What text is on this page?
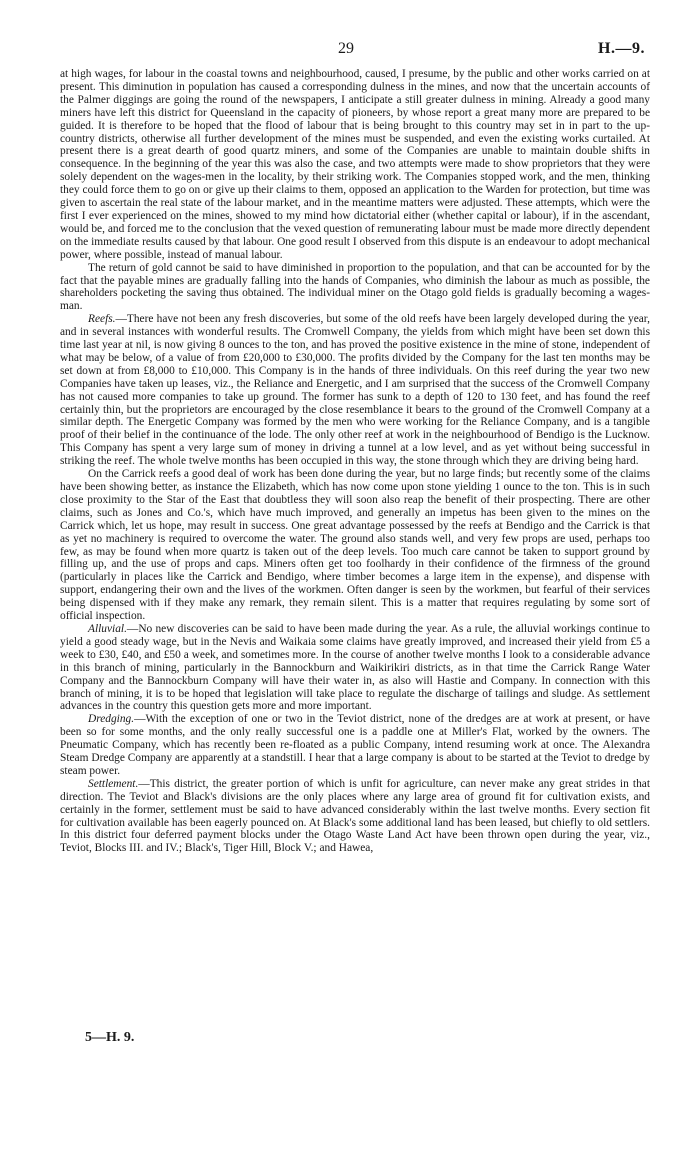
29	H.—9.

at high wages, for labour in the coastal towns and neighbourhood, caused, I presume, by the public and other works carried on at present. This diminution in population has caused a corresponding dulness in the mines, and now that the uncertain accounts of the Palmer diggings are going the round of the newspapers, I anticipate a still greater dulness in mining. Already a good many miners have left this district for Queensland in the capacity of pioneers, by whose report a great many more are prepared to be guided. It is therefore to be hoped that the flood of labour that is being brought to this country may set in in part to the up-country districts, otherwise all further development of the mines must be suspended, and even the existing works curtailed. At present there is a great dearth of good quartz miners, and some of the Companies are unable to maintain double shifts in consequence. In the beginning of the year this was also the case, and two attempts were made to show proprietors that they were solely dependent on the wages-men in the locality, by their striking work. The Companies stopped work, and the men, thinking they could force them to go on or give up their claims to them, opposed an application to the Warden for protection, but time was given to ascertain the real state of the labour market, and in the meantime matters were adjusted. These attempts, which were the first I ever experienced on the mines, showed to my mind how dictatorial either (whether capital or labour), if in the ascendant, would be, and forced me to the conclusion that the vexed question of remunerating labour must be made more directly dependent on the immediate results caused by that labour. One good result I observed from this dispute is an endeavour to adopt mechanical power, where possible, instead of manual labour.

The return of gold cannot be said to have diminished in proportion to the population, and that can be accounted for by the fact that the payable mines are gradually falling into the hands of Companies, who diminish the labour as much as possible, the shareholders pocketing the saving thus obtained. The individual miner on the Otago gold fields is gradually becoming a wages-man.

Reefs.—There have not been any fresh discoveries, but some of the old reefs have been largely developed during the year, and in several instances with wonderful results. The Cromwell Company, the yields from which might have been set down this time last year at nil, is now giving 8 ounces to the ton, and has proved the positive existence in the mine of stone, independent of what may be below, of a value of from £20,000 to £30,000. The profits divided by the Company for the last ten months may be set down at from £8,000 to £10,000. This Company is in the hands of three individuals. On this reef during the year two new Companies have taken up leases, viz., the Reliance and Energetic, and I am surprised that the success of the Cromwell Company has not caused more companies to take up ground. The former has sunk to a depth of 120 to 130 feet, and has found the reef certainly thin, but the proprietors are encouraged by the close resemblance it bears to the ground of the Cromwell Company at a similar depth. The Energetic Company was formed by the men who were working for the Reliance Company, and is a tangible proof of their belief in the continuance of the lode. The only other reef at work in the neighbourhood of Bendigo is the Lucknow. This Company has spent a very large sum of money in driving a tunnel at a low level, and as yet without being successful in striking the reef. The whole twelve months has been occupied in this way, the stone through which they are driving being hard.

On the Carrick reefs a good deal of work has been done during the year, but no large finds; but recently some of the claims have been showing better, as instance the Elizabeth, which has now come upon stone yielding 1 ounce to the ton. This is in such close proximity to the Star of the East that doubtless they will soon also reap the benefit of their prospecting. There are other claims, such as Jones and Co.'s, which have much improved, and generally an impetus has been given to the mines on the Carrick which, let us hope, may result in success. One great advantage possessed by the reefs at Bendigo and the Carrick is that as yet no machinery is required to overcome the water. The ground also stands well, and very few props are used, perhaps too few, as may be found when more quartz is taken out of the deep levels. Too much care cannot be taken to support ground by filling up, and the use of props and caps. Miners often get too foolhardy in their confidence of the firmness of the ground (particularly in places like the Carrick and Bendigo, where timber becomes a large item in the expense), and dispense with support, endangering their own and the lives of the workmen. Often danger is seen by the workmen, but fearful of their services being dispensed with if they make any remark, they remain silent. This is a matter that requires regulating by some sort of official inspection.

Alluvial.—No new discoveries can be said to have been made during the year. As a rule, the alluvial workings continue to yield a good steady wage, but in the Nevis and Waikaia some claims have greatly improved, and increased their yield from £5 a week to £30, £40, and £50 a week, and sometimes more. In the course of another twelve months I look to a considerable advance in this branch of mining, particularly in the Bannockburn and Waikirikiri districts, as in that time the Carrick Range Water Company and the Bannockburn Company will have their water in, as also will Hastie and Company. In connection with this branch of mining, it is to be hoped that legislation will take place to regulate the discharge of tailings and sludge. As settlement advances in the country this question gets more and more important.

Dredging.—With the exception of one or two in the Teviot district, none of the dredges are at work at present, or have been so for some months, and the only really successful one is a paddle one at Miller's Flat, worked by the owners. The Pneumatic Company, which has recently been re-floated as a public Company, intend resuming work at once. The Alexandra Steam Dredge Company are apparently at a standstill. I hear that a large company is about to be started at the Teviot to dredge by steam power.

Settlement.—This district, the greater portion of which is unfit for agriculture, can never make any great strides in that direction. The Teviot and Black's divisions are the only places where any large area of ground fit for cultivation exists, and certainly in the former, settlement must be said to have advanced considerably within the last twelve months. Every section fit for cultivation available has been eagerly pounced on. At Black's some additional land has been leased, but chiefly to old settlers. In this district four deferred payment blocks under the Otago Waste Land Act have been thrown open during the year, viz., Teviot, Blocks III. and IV.; Black's, Tiger Hill, Block V.; and Hawea,

5—H. 9.
